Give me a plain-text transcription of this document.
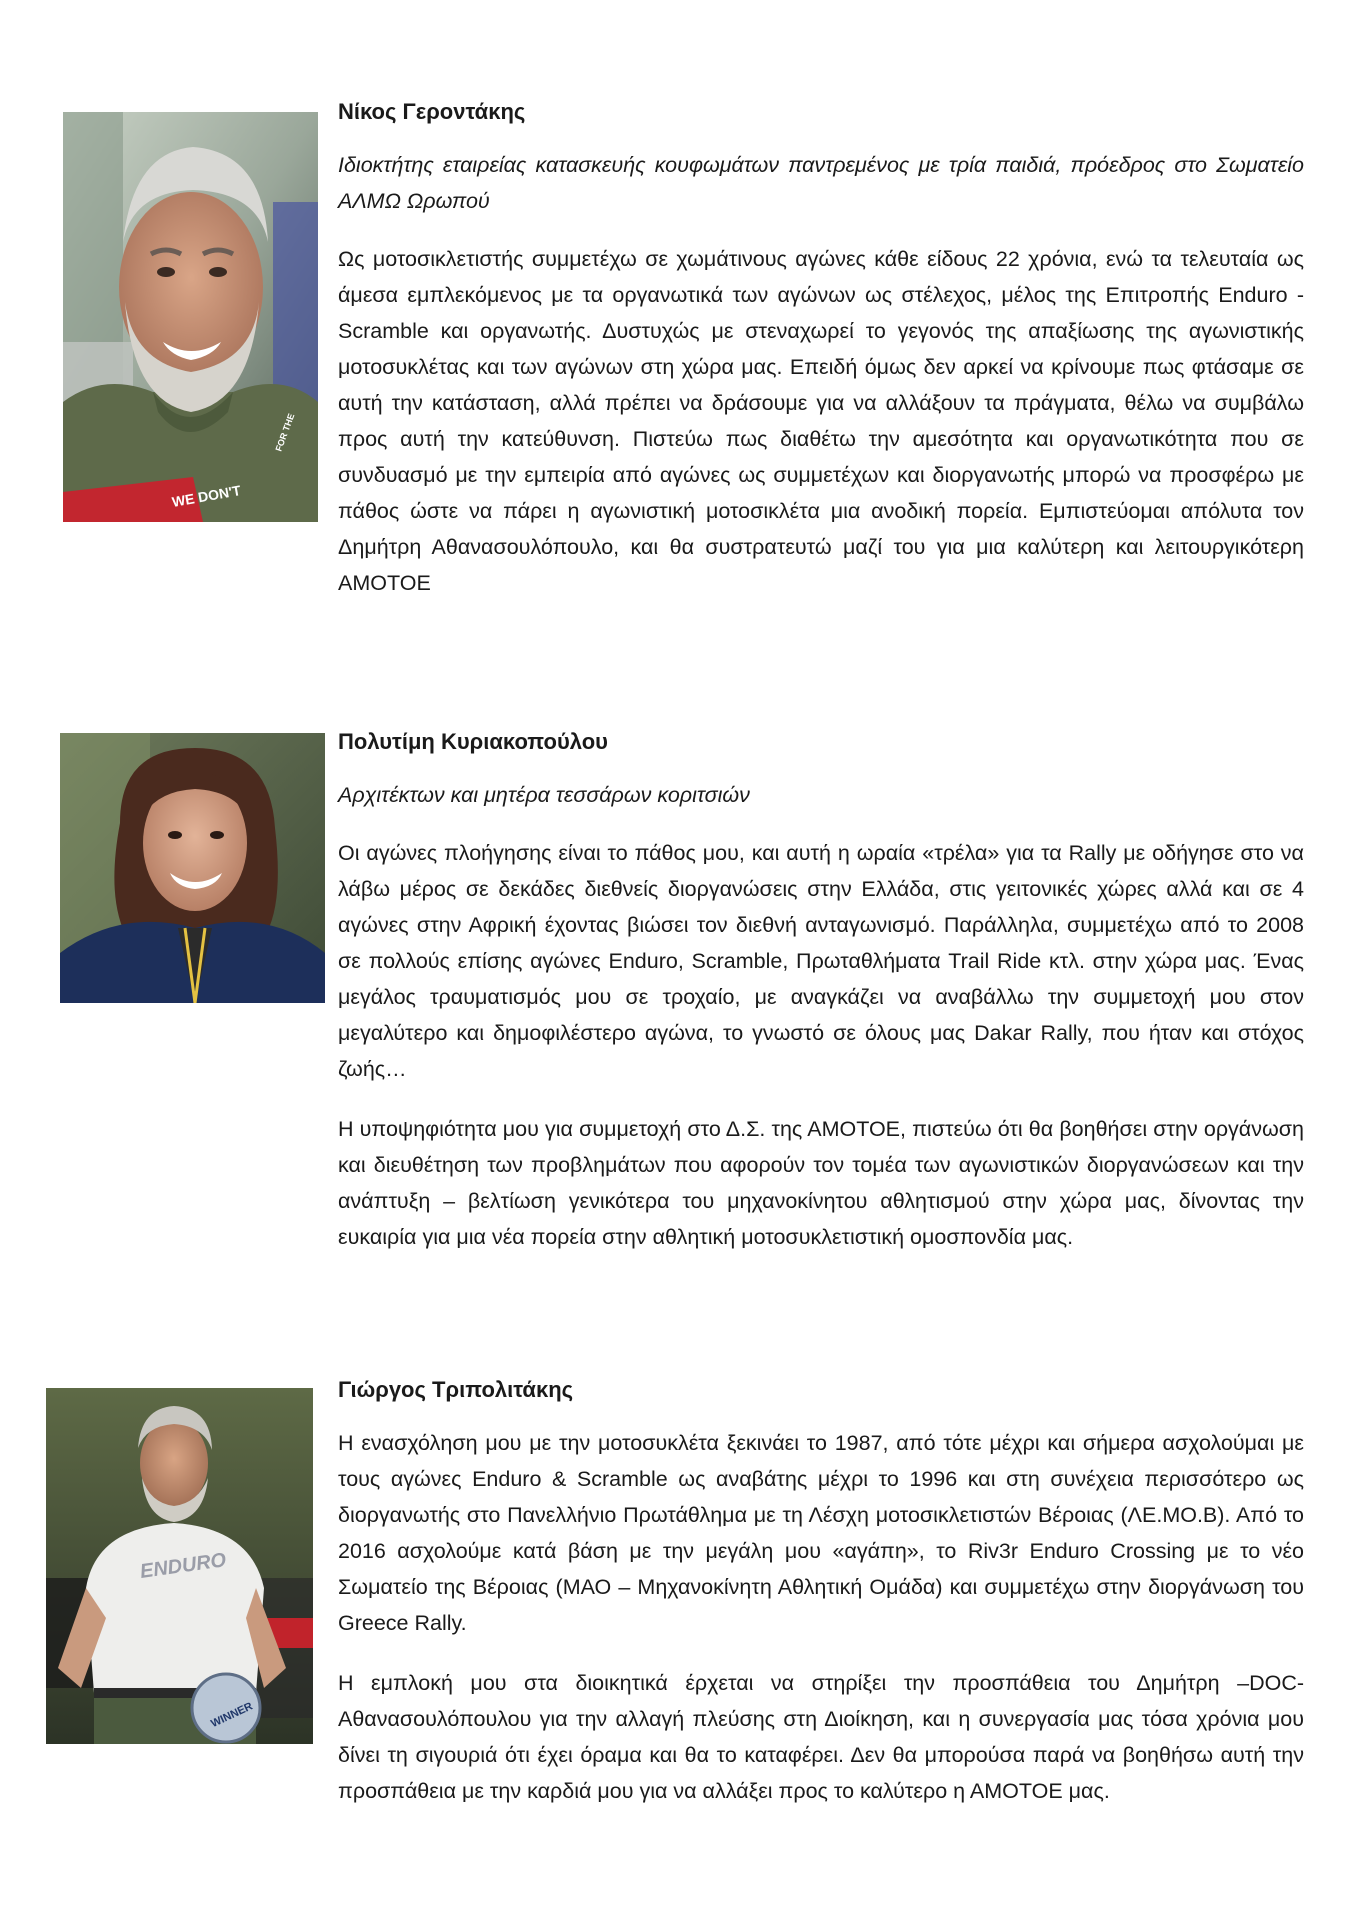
WE DON'T
FOR THE

Νίκος Γεροντάκης

Ιδιοκτήτης εταιρείας κατασκευής κουφωμάτων παντρεμένος με τρία παιδιά, πρόεδρος στο Σωματείο ΑΛΜΩ Ωρωπού

Ως μοτοσικλετιστής συμμετέχω σε χωμάτινους αγώνες κάθε είδους 22 χρόνια, ενώ τα τελευταία ως άμεσα εμπλεκόμενος με τα οργανωτικά των αγώνων ως στέλεχος, μέλος της Επιτροπής Enduro - Scramble και οργανωτής. Δυστυχώς με στεναχωρεί το γεγονός της απαξίωσης της αγωνιστικής μοτοσυκλέτας και των αγώνων στη χώρα μας. Επειδή όμως δεν αρκεί να κρίνουμε πως φτάσαμε σε αυτή την κατάσταση, αλλά πρέπει να δράσουμε για να αλλάξουν τα πράγματα, θέλω να συμβάλω προς αυτή την κατεύθυνση. Πιστεύω πως διαθέτω την αμεσότητα και οργανωτικότητα που σε συνδυασμό με την εμπειρία από αγώνες ως συμμετέχων και διοργανωτής μπορώ να προσφέρω με πάθος ώστε να πάρει η αγωνιστική μοτοσικλέτα μια ανοδική πορεία. Εμπιστεύομαι απόλυτα τον Δημήτρη Αθανασουλόπουλο, και θα συστρατευτώ μαζί του για μια καλύτερη και λειτουργικότερη ΑΜΟΤΟΕ

Πολυτίμη Κυριακοπούλου

Αρχιτέκτων και μητέρα τεσσάρων κοριτσιών

Οι αγώνες πλοήγησης είναι το πάθος μου, και αυτή η ωραία «τρέλα» για τα Rally με οδήγησε στο να λάβω μέρος σε δεκάδες διεθνείς διοργανώσεις στην Ελλάδα, στις γειτονικές χώρες αλλά και σε 4 αγώνες στην Αφρική έχοντας βιώσει τον διεθνή ανταγωνισμό. Παράλληλα, συμμετέχω από το 2008 σε πολλούς επίσης αγώνες Enduro, Scramble, Πρωταθλήματα Trail Ride κτλ. στην χώρα μας. Ένας μεγάλος τραυματισμός μου σε τροχαίο, με αναγκάζει να αναβάλλω την συμμετοχή μου στον μεγαλύτερο και δημοφιλέστερο αγώνα, το γνωστό σε όλους μας Dakar Rally, που ήταν και στόχος ζωής…

Η υποψηφιότητα μου για συμμετοχή στο Δ.Σ. της ΑΜΟΤΟΕ, πιστεύω ότι θα βοηθήσει στην οργάνωση και διευθέτηση των προβλημάτων που αφορούν τον τομέα των αγωνιστικών διοργανώσεων και την ανάπτυξη – βελτίωση γενικότερα του μηχανοκίνητου αθλητισμού στην χώρα μας, δίνοντας την ευκαιρία για μια νέα πορεία στην αθλητική μοτοσυκλετιστική ομοσπονδία μας.

ENDURO
WINNER

Γιώργος Τριπολιτάκης

Η ενασχόληση μου με την μοτοσυκλέτα ξεκινάει το 1987, από τότε μέχρι και σήμερα ασχολούμαι με τους αγώνες Enduro & Scramble ως αναβάτης μέχρι το 1996 και στη συνέχεια περισσότερο ως διοργανωτής στο Πανελλήνιο Πρωτάθλημα με τη Λέσχη μοτοσικλετιστών Βέροιας (ΛΕ.ΜΟ.Β). Από το 2016 ασχολούμε κατά βάση με την μεγάλη μου «αγάπη», το Riv3r Enduro Crossing με το νέο Σωματείο της Βέροιας (ΜΑΟ – Μηχανοκίνητη Αθλητική Ομάδα) και συμμετέχω στην διοργάνωση του Greece Rally.

Η εμπλοκή μου στα διοικητικά έρχεται να στηρίξει την προσπάθεια του Δημήτρη –DOC- Αθανασουλόπουλου για την αλλαγή πλεύσης στη Διοίκηση, και η συνεργασία μας τόσα χρόνια μου δίνει τη σιγουριά ότι έχει όραμα και θα το καταφέρει. Δεν θα μπορούσα παρά να βοηθήσω αυτή την προσπάθεια με την καρδιά μου για να αλλάξει προς το καλύτερο η ΑΜΟΤΟΕ μας.
